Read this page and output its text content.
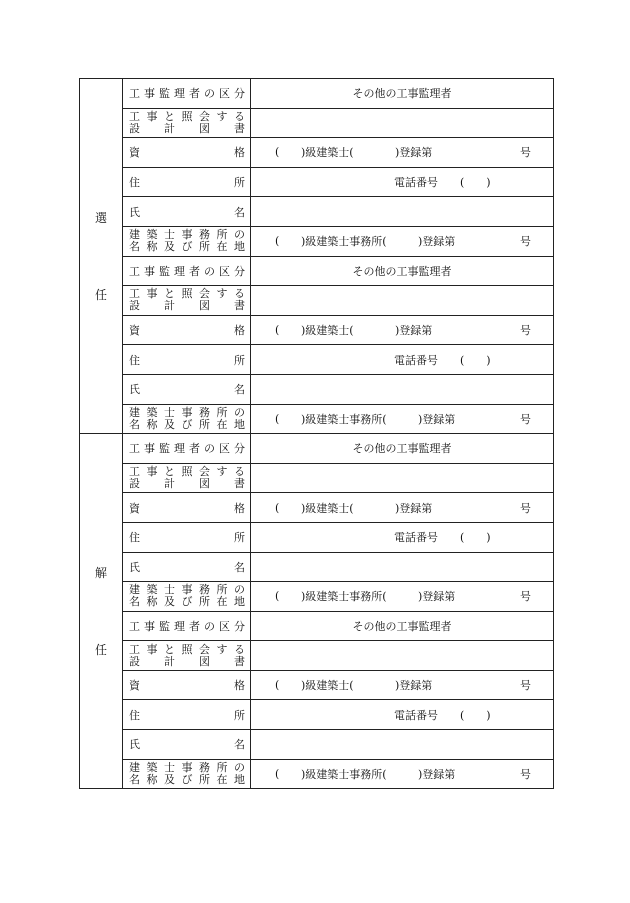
選
任	工事監理者の区分	その他の工事監理者

	工事と照会する
設計図書	

	資 格	( )級建築士( )登録第 号

	住 所	電話番号　　 (　　)

	氏 名	

	建築士事務所の
名称及び所在地	( )級建築士事務所( )登録第 号

	工事監理者の区分	その他の工事監理者

	工事と照会する
設計図書	

	資 格	( )級建築士( )登録第 号

	住 所	電話番号　　 (　　)

	氏 名	

	建築士事務所の
名称及び所在地	( )級建築士事務所( )登録第 号

解
任	工事監理者の区分	その他の工事監理者

	工事と照会する
設計図書	

	資 格	( )級建築士( )登録第 号

	住 所	電話番号　　 (　　)

	氏 名	

	建築士事務所の
名称及び所在地	( )級建築士事務所( )登録第 号

	工事監理者の区分	その他の工事監理者

	工事と照会する
設計図書	

	資 格	( )級建築士( )登録第 号

	住 所	電話番号　　 (　　)

	氏 名	

	建築士事務所の
名称及び所在地	( )級建築士事務所( )登録第 号
